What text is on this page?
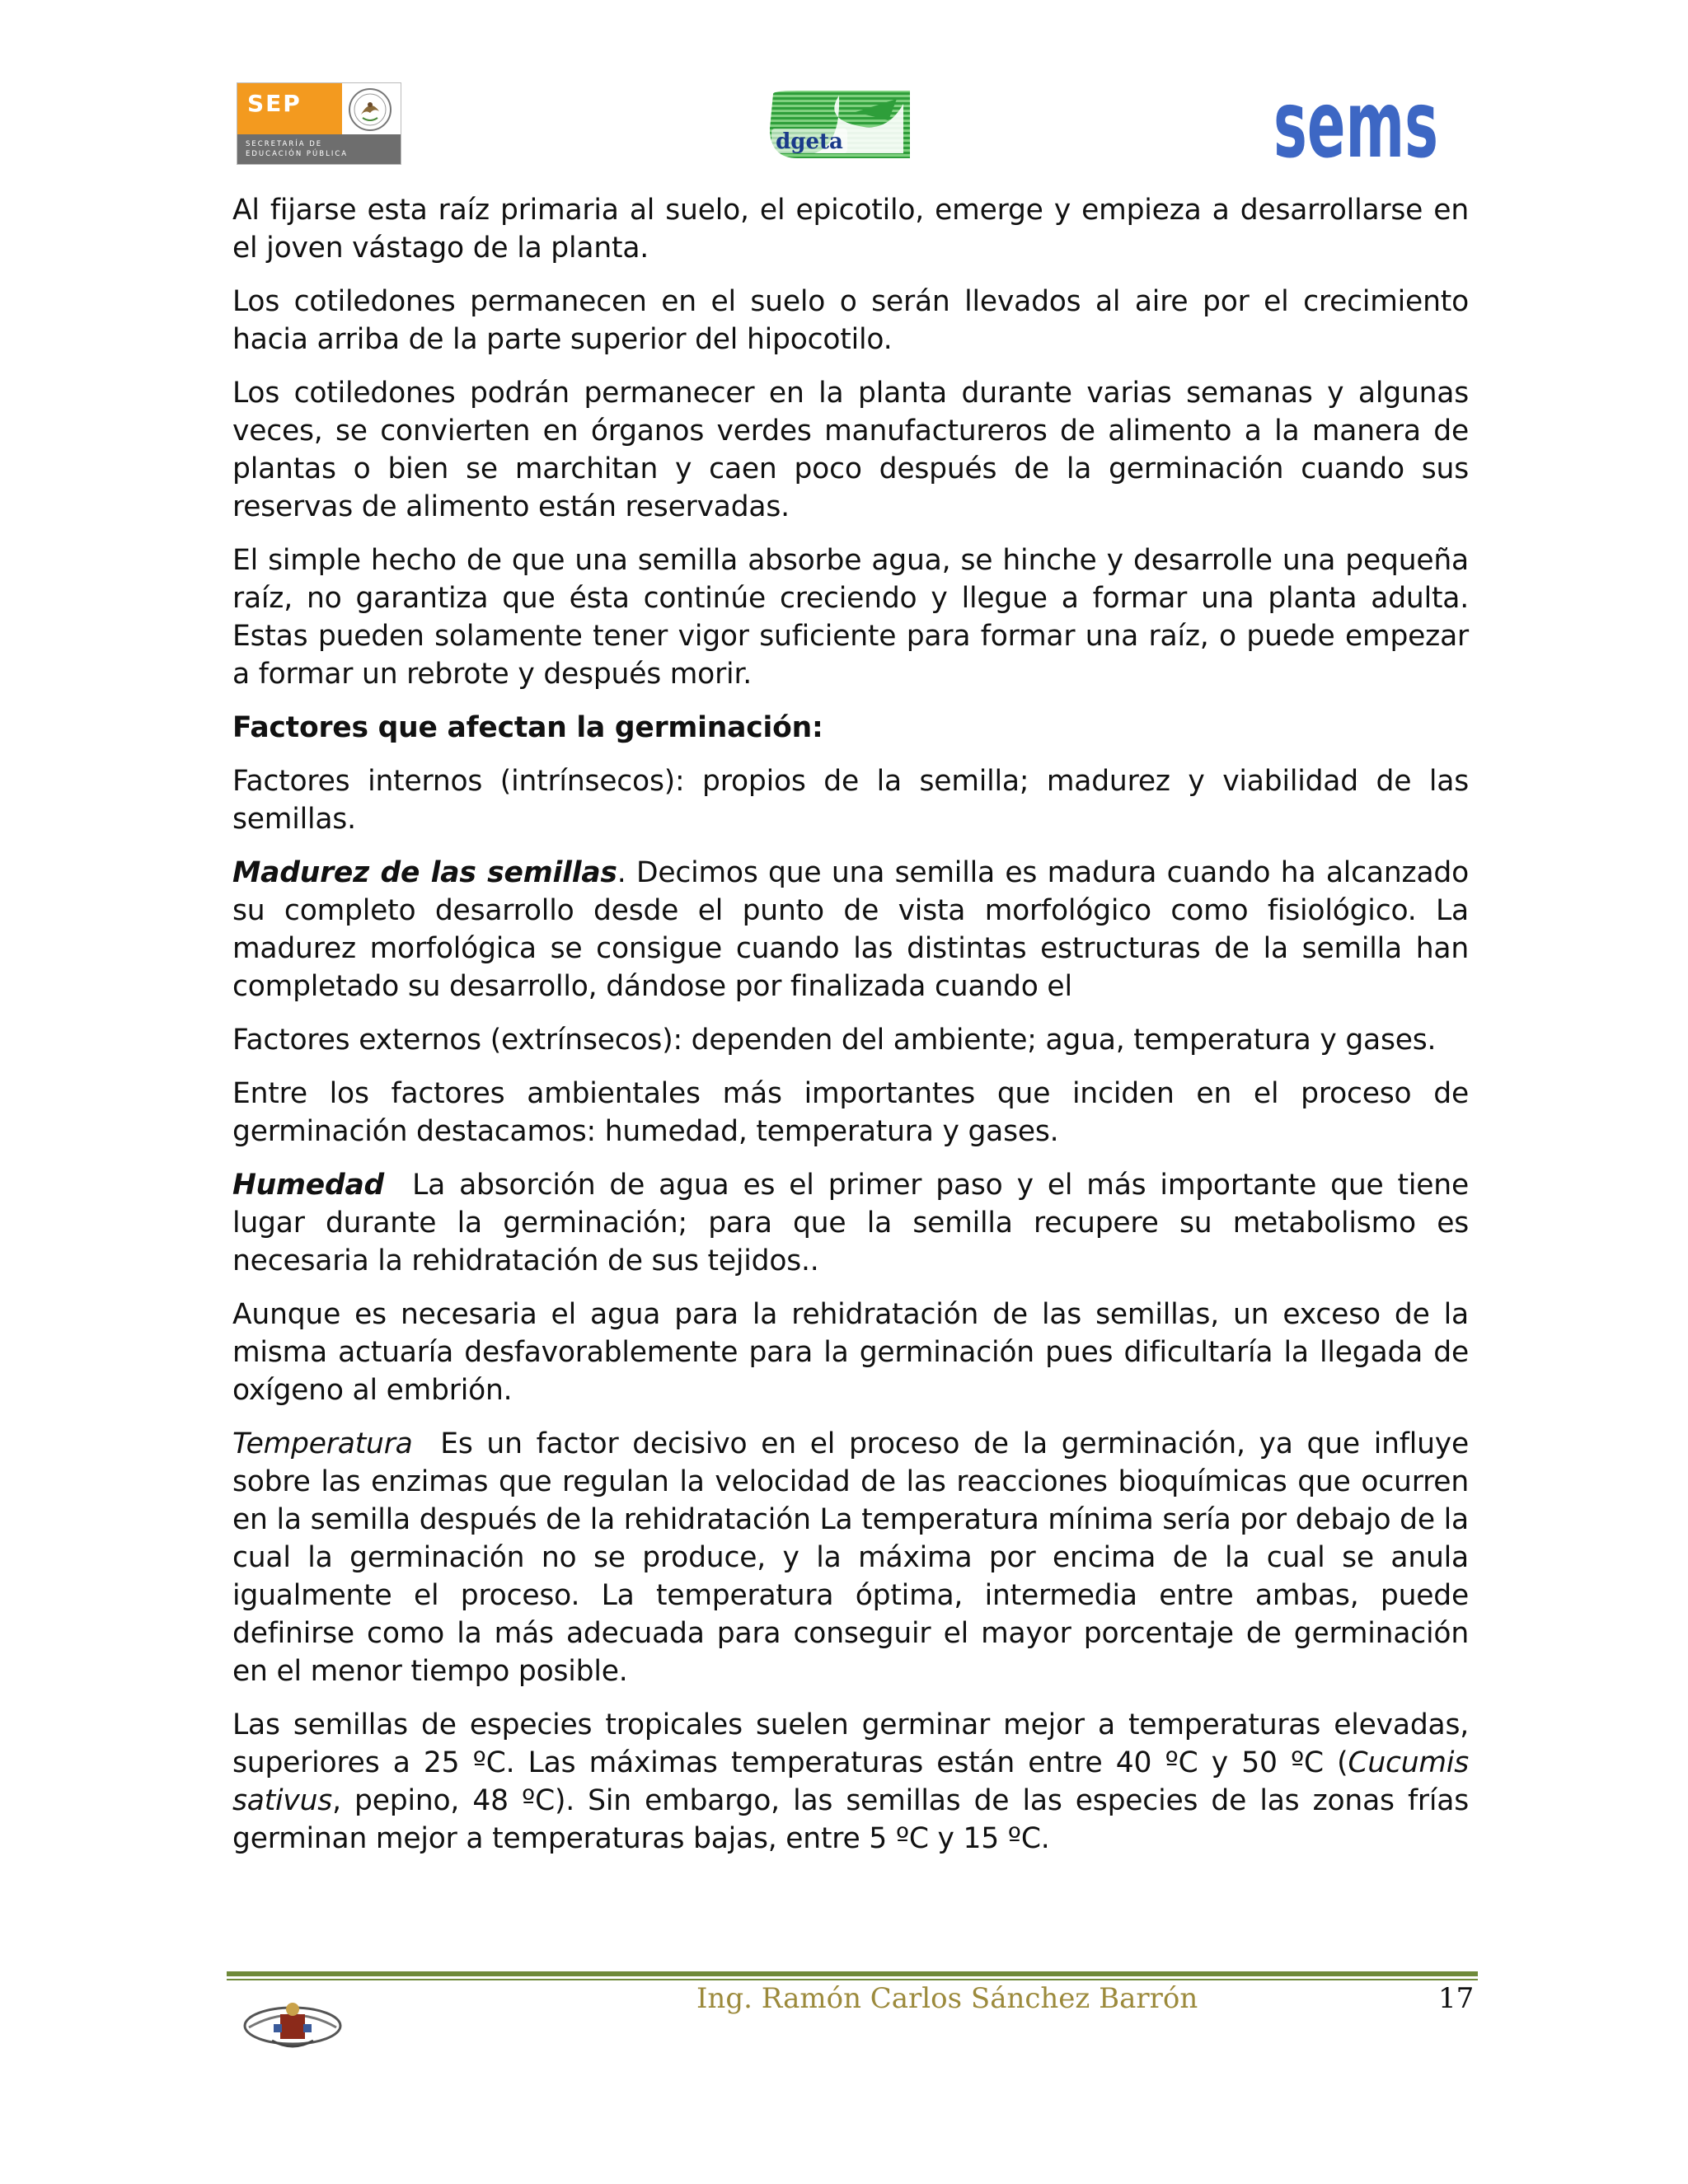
SEP
SECRETARÍA DE
EDUCACIÓN PÚBLICA	dgeta	sems

Al fijarse esta raíz primaria al suelo, el epicotilo, emerge y empieza a desarrollarse en el joven vástago de la planta.

Los cotiledones permanecen en el suelo o serán llevados al aire por el crecimiento hacia arriba de la parte superior del hipocotilo.

Los cotiledones podrán permanecer en la planta durante varias semanas y algunas veces, se convierten en órganos verdes manufactureros de alimento a la manera de plantas o bien se marchitan y caen poco después de la germinación cuando sus reservas de alimento están reservadas.

El simple hecho de que una semilla absorbe agua, se hinche y desarrolle una pequeña raíz, no garantiza que ésta continúe creciendo y llegue a formar una planta adulta. Estas pueden solamente tener vigor suficiente para formar una raíz, o puede empezar a formar un rebrote y después morir.

Factores que afectan la germinación:

Factores internos (intrínsecos): propios de la semilla; madurez y viabilidad de las semillas.

Madurez de las semillas. Decimos que una semilla es madura cuando ha alcanzado su completo desarrollo desde el punto de vista morfológico como fisiológico. La madurez morfológica se consigue cuando las distintas estructuras de la semilla han completado su desarrollo, dándose por finalizada cuando el

Factores externos (extrínsecos): dependen del ambiente; agua, temperatura y gases.

Entre los factores ambientales más importantes que inciden en el proceso de germinación destacamos: humedad, temperatura y gases.

Humedad  La absorción de agua es el primer paso y el más importante que tiene lugar durante la germinación; para que la semilla recupere su metabolismo es necesaria la rehidratación de sus tejidos..

Aunque es necesaria el agua para la rehidratación de las semillas, un exceso de la misma actuaría desfavorablemente para la germinación pues dificultaría la llegada de oxígeno al embrión.

Temperatura  Es un factor decisivo en el proceso de la germinación, ya que influye sobre las enzimas que regulan la velocidad de las reacciones bioquímicas que ocurren en la semilla después de la rehidratación La temperatura mínima sería por debajo de la cual la germinación no se produce, y la máxima por encima de la cual se anula igualmente el proceso. La temperatura óptima, intermedia entre ambas, puede definirse como la más adecuada para conseguir el mayor porcentaje de germinación en el menor tiempo posible.

Las semillas de especies tropicales suelen germinar mejor a temperaturas elevadas, superiores a 25 ºC. Las máximas temperaturas están entre 40 ºC y 50 ºC (Cucumis sativus, pepino, 48 ºC). Sin embargo, las semillas de las especies de las zonas frías germinan mejor a temperaturas bajas, entre 5 ºC y 15 ºC.

Ing. Ramón Carlos Sánchez Barrón	17
